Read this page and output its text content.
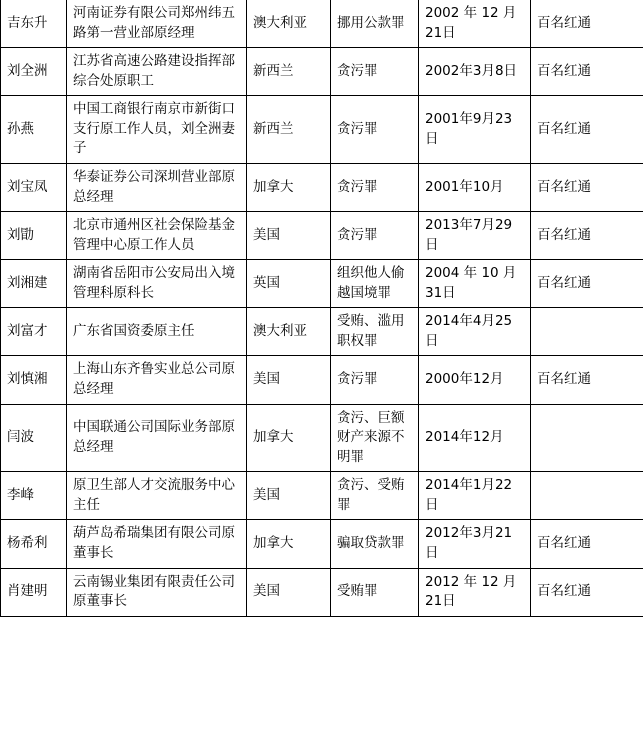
吉东升	河南证券有限公司郑州纬五路第一营业部原经理	澳大利亚	挪用公款罪	2002 年 12 月 21日	百名红通
刘全洲	江苏省高速公路建设指挥部综合处原职工	新西兰	贪污罪	2002年3月8日	百名红通
孙燕	中国工商银行南京市新街口支行原工作人员，刘全洲妻子	新西兰	贪污罪	2001年9月23日	百名红通
刘宝凤	华泰证券公司深圳营业部原总经理	加拿大	贪污罪	2001年10月	百名红通
刘勖	北京市通州区社会保险基金管理中心原工作人员	美国	贪污罪	2013年7月29日	百名红通
刘湘建	湖南省岳阳市公安局出入境管理科原科长	英国	组织他人偷越国境罪	2004 年 10 月 31日	百名红通
刘富才	广东省国资委原主任	澳大利亚	受贿、滥用职权罪	2014年4月25日	
刘慎湘	上海山东齐鲁实业总公司原总经理	美国	贪污罪	2000年12月	百名红通
闫波	中国联通公司国际业务部原总经理	加拿大	贪污、巨额财产来源不明罪	2014年12月	
李峰	原卫生部人才交流服务中心主任	美国	贪污、受贿罪	2014年1月22日	
杨希利	葫芦岛希瑞集团有限公司原董事长	加拿大	骗取贷款罪	2012年3月21日	百名红通
肖建明	云南锡业集团有限责任公司原董事长	美国	受贿罪	2012 年 12 月 21日	百名红通
